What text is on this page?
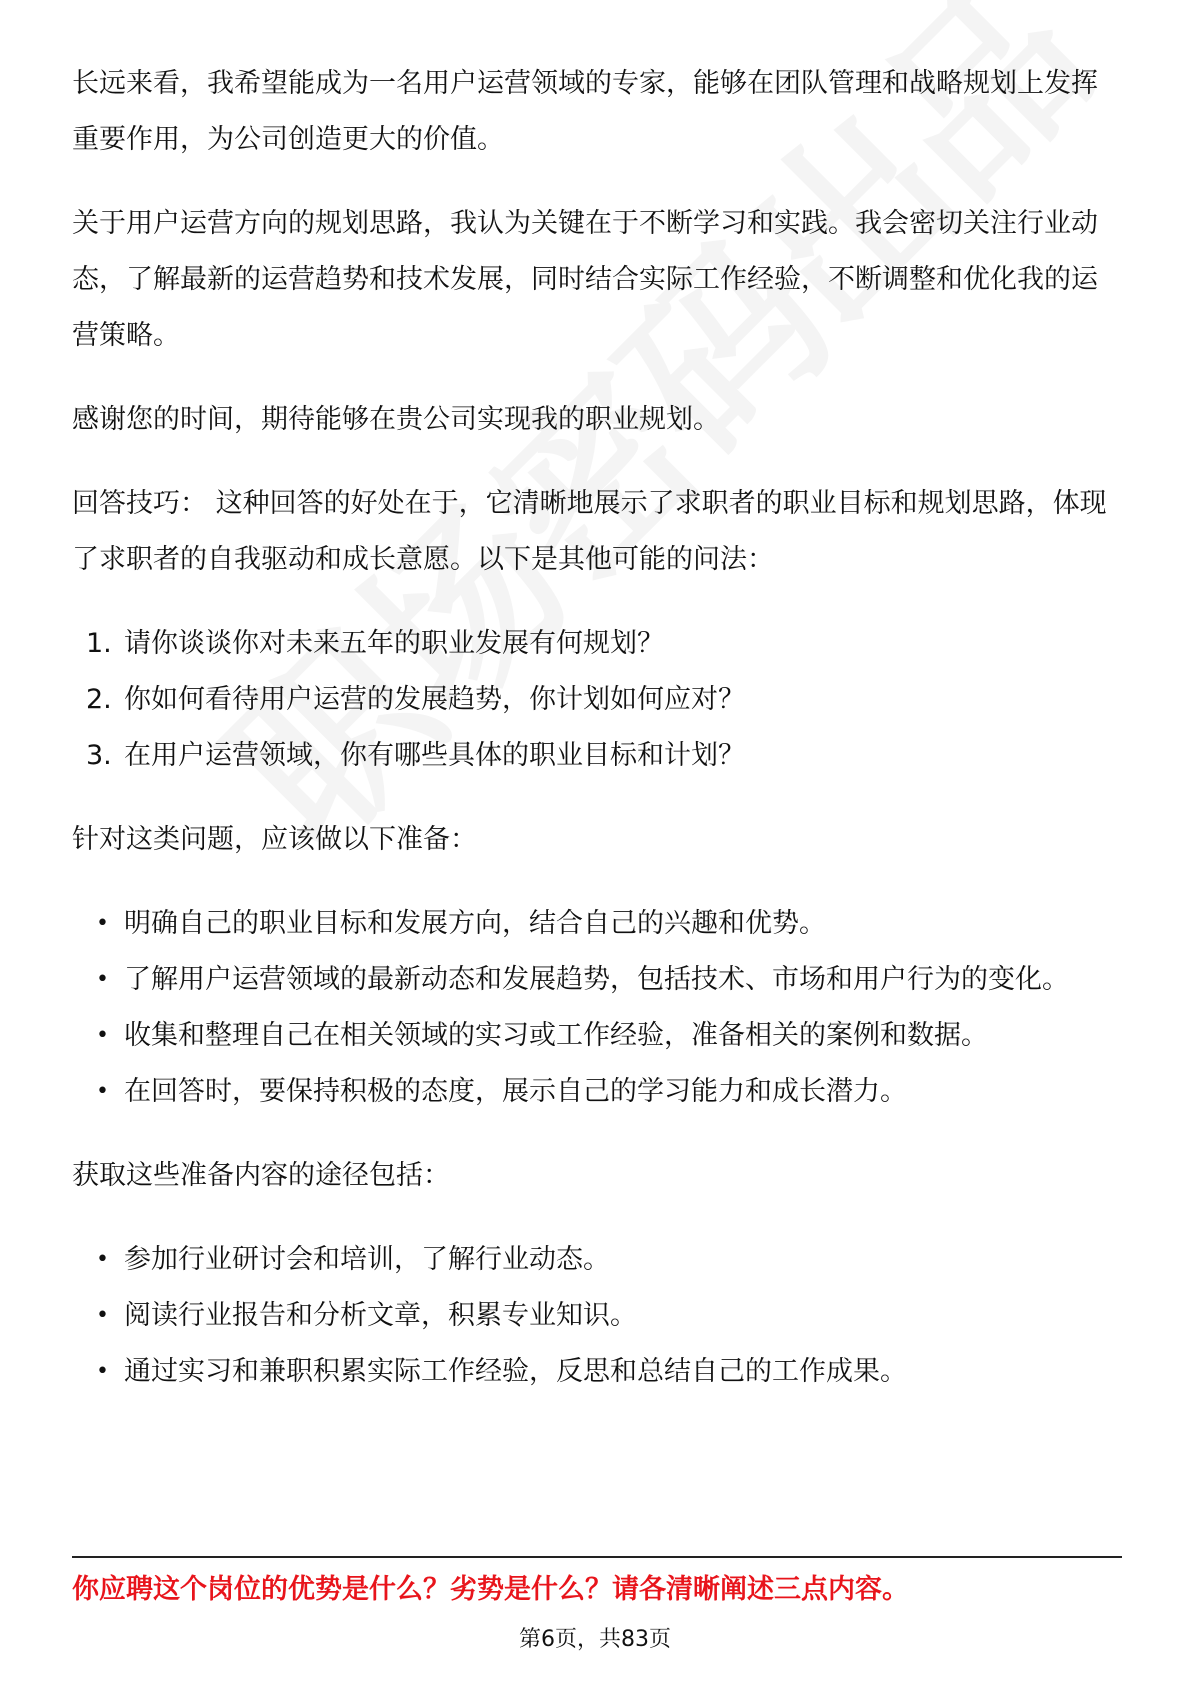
长远来看，我希望能成为一名用户运营领域的专家，能够在团队管理和战略规划上发挥重要作用，为公司创造更大的价值。

关于用户运营方向的规划思路，我认为关键在于不断学习和实践。我会密切关注行业动态，了解最新的运营趋势和技术发展，同时结合实际工作经验，不断调整和优化我的运营策略。

感谢您的时间，期待能够在贵公司实现我的职业规划。

回答技巧： 这种回答的好处在于，它清晰地展示了求职者的职业目标和规划思路，体现了求职者的自我驱动和成长意愿。以下是其他可能的问法：

1. 请你谈谈你对未来五年的职业发展有何规划？
2. 你如何看待用户运营的发展趋势，你计划如何应对？
3. 在用户运营领域，你有哪些具体的职业目标和计划？

针对这类问题，应该做以下准备：

• 明确自己的职业目标和发展方向，结合自己的兴趣和优势。
• 了解用户运营领域的最新动态和发展趋势，包括技术、市场和用户行为的变化。
• 收集和整理自己在相关领域的实习或工作经验，准备相关的案例和数据。
• 在回答时，要保持积极的态度，展示自己的学习能力和成长潜力。

获取这些准备内容的途径包括：

• 参加行业研讨会和培训，了解行业动态。
• 阅读行业报告和分析文章，积累专业知识。
• 通过实习和兼职积累实际工作经验，反思和总结自己的工作成果。
你应聘这个岗位的优势是什么？劣势是什么？请各清晰阐述三点内容。
第6页，共83页
